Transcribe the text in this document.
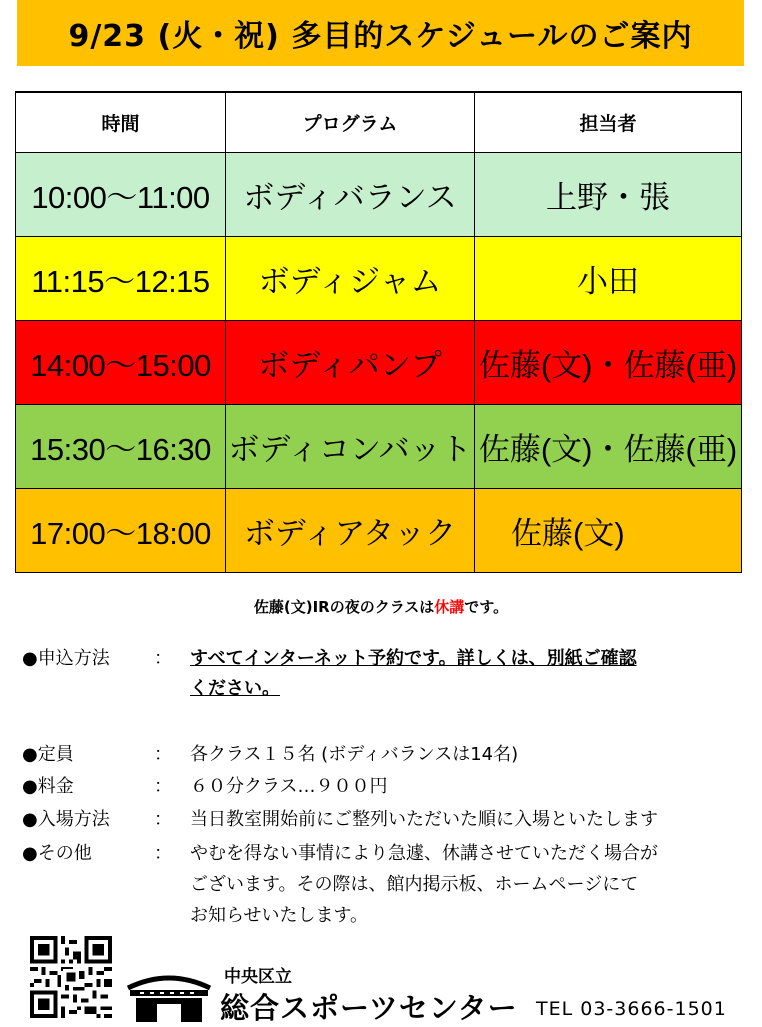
9/23 (火・祝) 多目的スケジュールのご案内
時間	プログラム	担当者
10:00～11:00	ボディバランス	上野・張
11:15～12:15	ボディジャム	小田
14:00～15:00	ボディパンプ	佐藤(文)・佐藤(亜)
15:30～16:30	ボディコンバット	佐藤(文)・佐藤(亜)
17:00～18:00	ボディアタック	佐藤(文)
佐藤(文)IRの夜のクラスは休講です。
●申込方法	： すべてインターネット予約です。詳しくは、別紙ご確認
ください。
●定員	： 各クラス１５名 (ボディバランスは14名)
●料金	： ６０分クラス…９００円
●入場方法	： 当日教室開始前にご整列いただいた順に入場といたします
●その他	： やむを得ない事情により急遽、休講させていただく場合が
ございます。その際は、館内掲示板、ホームページにて
お知らせいたします。
中央区立
総合スポーツセンター TEL 03-3666-1501
